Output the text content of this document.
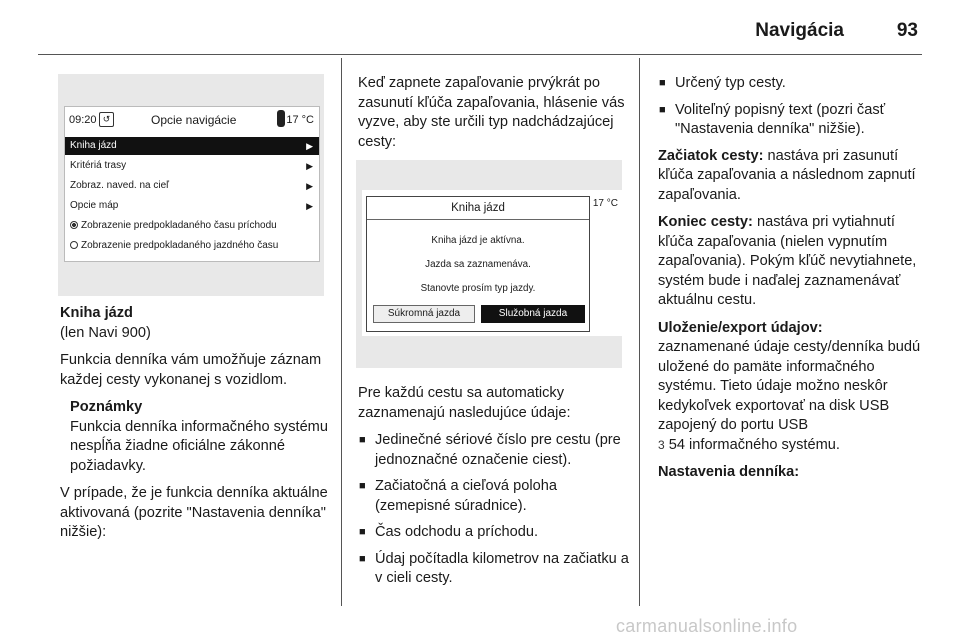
Navigácia	93
09:20 ↺	Opcie navigácie	17 °C
Kniha jázd	▶
Kritériá trasy	▶
Zobraz. naved. na cieľ	▶
Opcie máp	▶
Zobrazenie predpokladaného času príchodu
Zobrazenie predpokladaného jazdného času
Kniha jázd

(len Navi 900)

Funkcia denníka vám umožňuje záznam každej cesty vykonanej s vozidlom.

Poznámky
Funkcia denníka informačného systému nespĺňa žiadne oficiálne zákonné požiadavky.

V prípade, že je funkcia denníka aktuálne aktivovaná (pozrite "Nastavenia denníka" nižšie):

Keď zapnete zapaľovanie prvýkrát po zasunutí kľúča zapaľovania, hlásenie vás vyzve, aby ste určili typ nadchádzajúcej cesty:

Kniha jázd
Kniha jázd je aktívna.
Jazda sa zaznamenáva.
Stanovte prosím typ jazdy.
Súkromná jazda	Služobná jazda
17 °C

Pre každú cestu sa automaticky zaznamenajú nasledujúce údaje:

■ Jedinečné sériové číslo pre cestu (pre jednoznačné označenie ciest).
■ Začiatočná a cieľová poloha (zemepisné súradnice).
■ Čas odchodu a príchodu.
■ Údaj počítadla kilometrov na začiatku a v cieli cesty.
■ Určený typ cesty.
■ Voliteľný popisný text (pozri časť "Nastavenia denníka" nižšie).

Začiatok cesty: nastáva pri zasunutí kľúča zapaľovania a následnom zapnutí zapaľovania.

Koniec cesty: nastáva pri vytiahnutí kľúča zapaľovania (nielen vypnutím zapaľovania). Pokým kľúč nevytiahnete, systém bude i naďalej zaznamenávať aktuálnu cestu.

Uloženie/export údajov:

zaznamenané údaje cesty/denníka budú uložené do pamäte informačného systému. Tieto údaje možno neskôr kedykoľvek exportovať na disk USB zapojený do portu USB
3 54 informačného systému.

Nastavenia denníka:
carmanualsonline.info
